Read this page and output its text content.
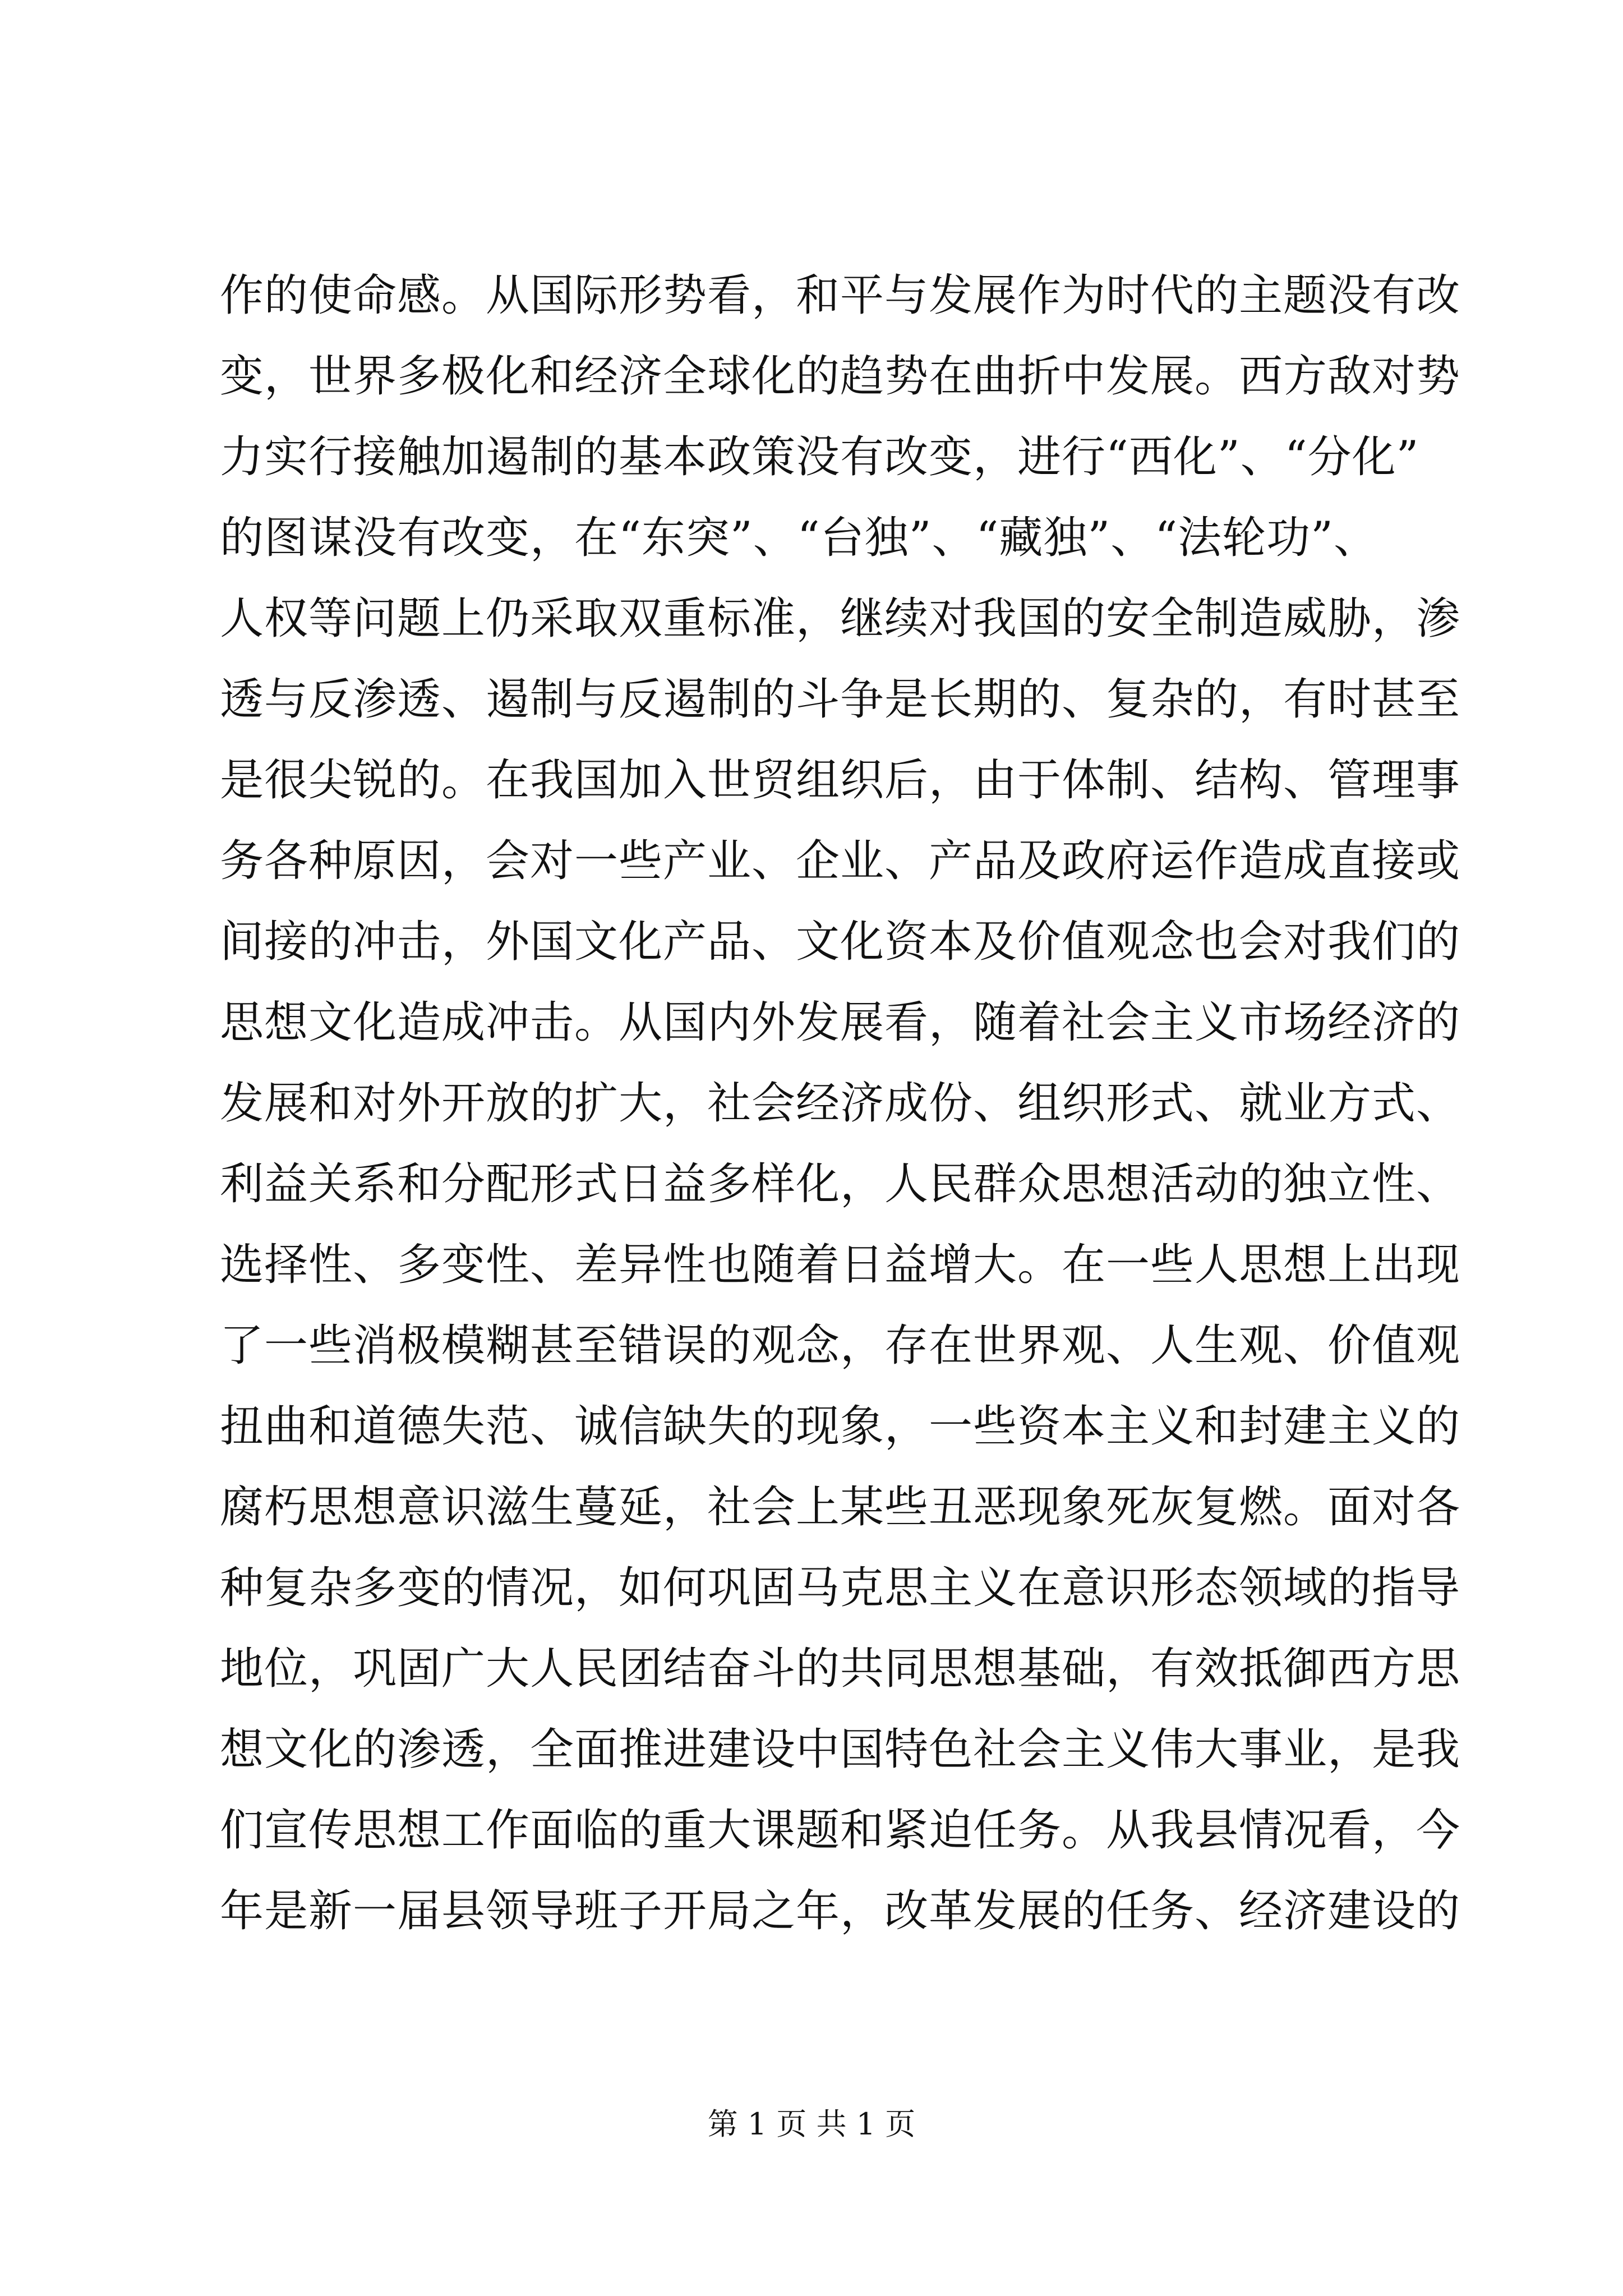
作的使命感。从国际形势看，和平与发展作为时代的主题没有改
变，世界多极化和经济全球化的趋势在曲折中发展。西方敌对势
力实行接触加遏制的基本政策没有改变，进行“西化”、“分化”
的图谋没有改变，在“东突”、“台独”、“藏独”、“法轮功”、
人权等问题上仍采取双重标准，继续对我国的安全制造威胁，渗
透与反渗透、遏制与反遏制的斗争是长期的、复杂的，有时甚至
是很尖锐的。在我国加入世贸组织后，由于体制、结构、管理事
务各种原因，会对一些产业、企业、产品及政府运作造成直接或
间接的冲击，外国文化产品、文化资本及价值观念也会对我们的
思想文化造成冲击。从国内外发展看，随着社会主义市场经济的
发展和对外开放的扩大，社会经济成份、组织形式、就业方式、
利益关系和分配形式日益多样化，人民群众思想活动的独立性、
选择性、多变性、差异性也随着日益增大。在一些人思想上出现
了一些消极模糊甚至错误的观念，存在世界观、人生观、价值观
扭曲和道德失范、诚信缺失的现象，一些资本主义和封建主义的
腐朽思想意识滋生蔓延，社会上某些丑恶现象死灰复燃。面对各
种复杂多变的情况，如何巩固马克思主义在意识形态领域的指导
地位，巩固广大人民团结奋斗的共同思想基础，有效抵御西方思
想文化的渗透，全面推进建设中国特色社会主义伟大事业，是我
们宣传思想工作面临的重大课题和紧迫任务。从我县情况看，今
年是新一届县领导班子开局之年，改革发展的任务、经济建设的
第 1 页 共 1 页
